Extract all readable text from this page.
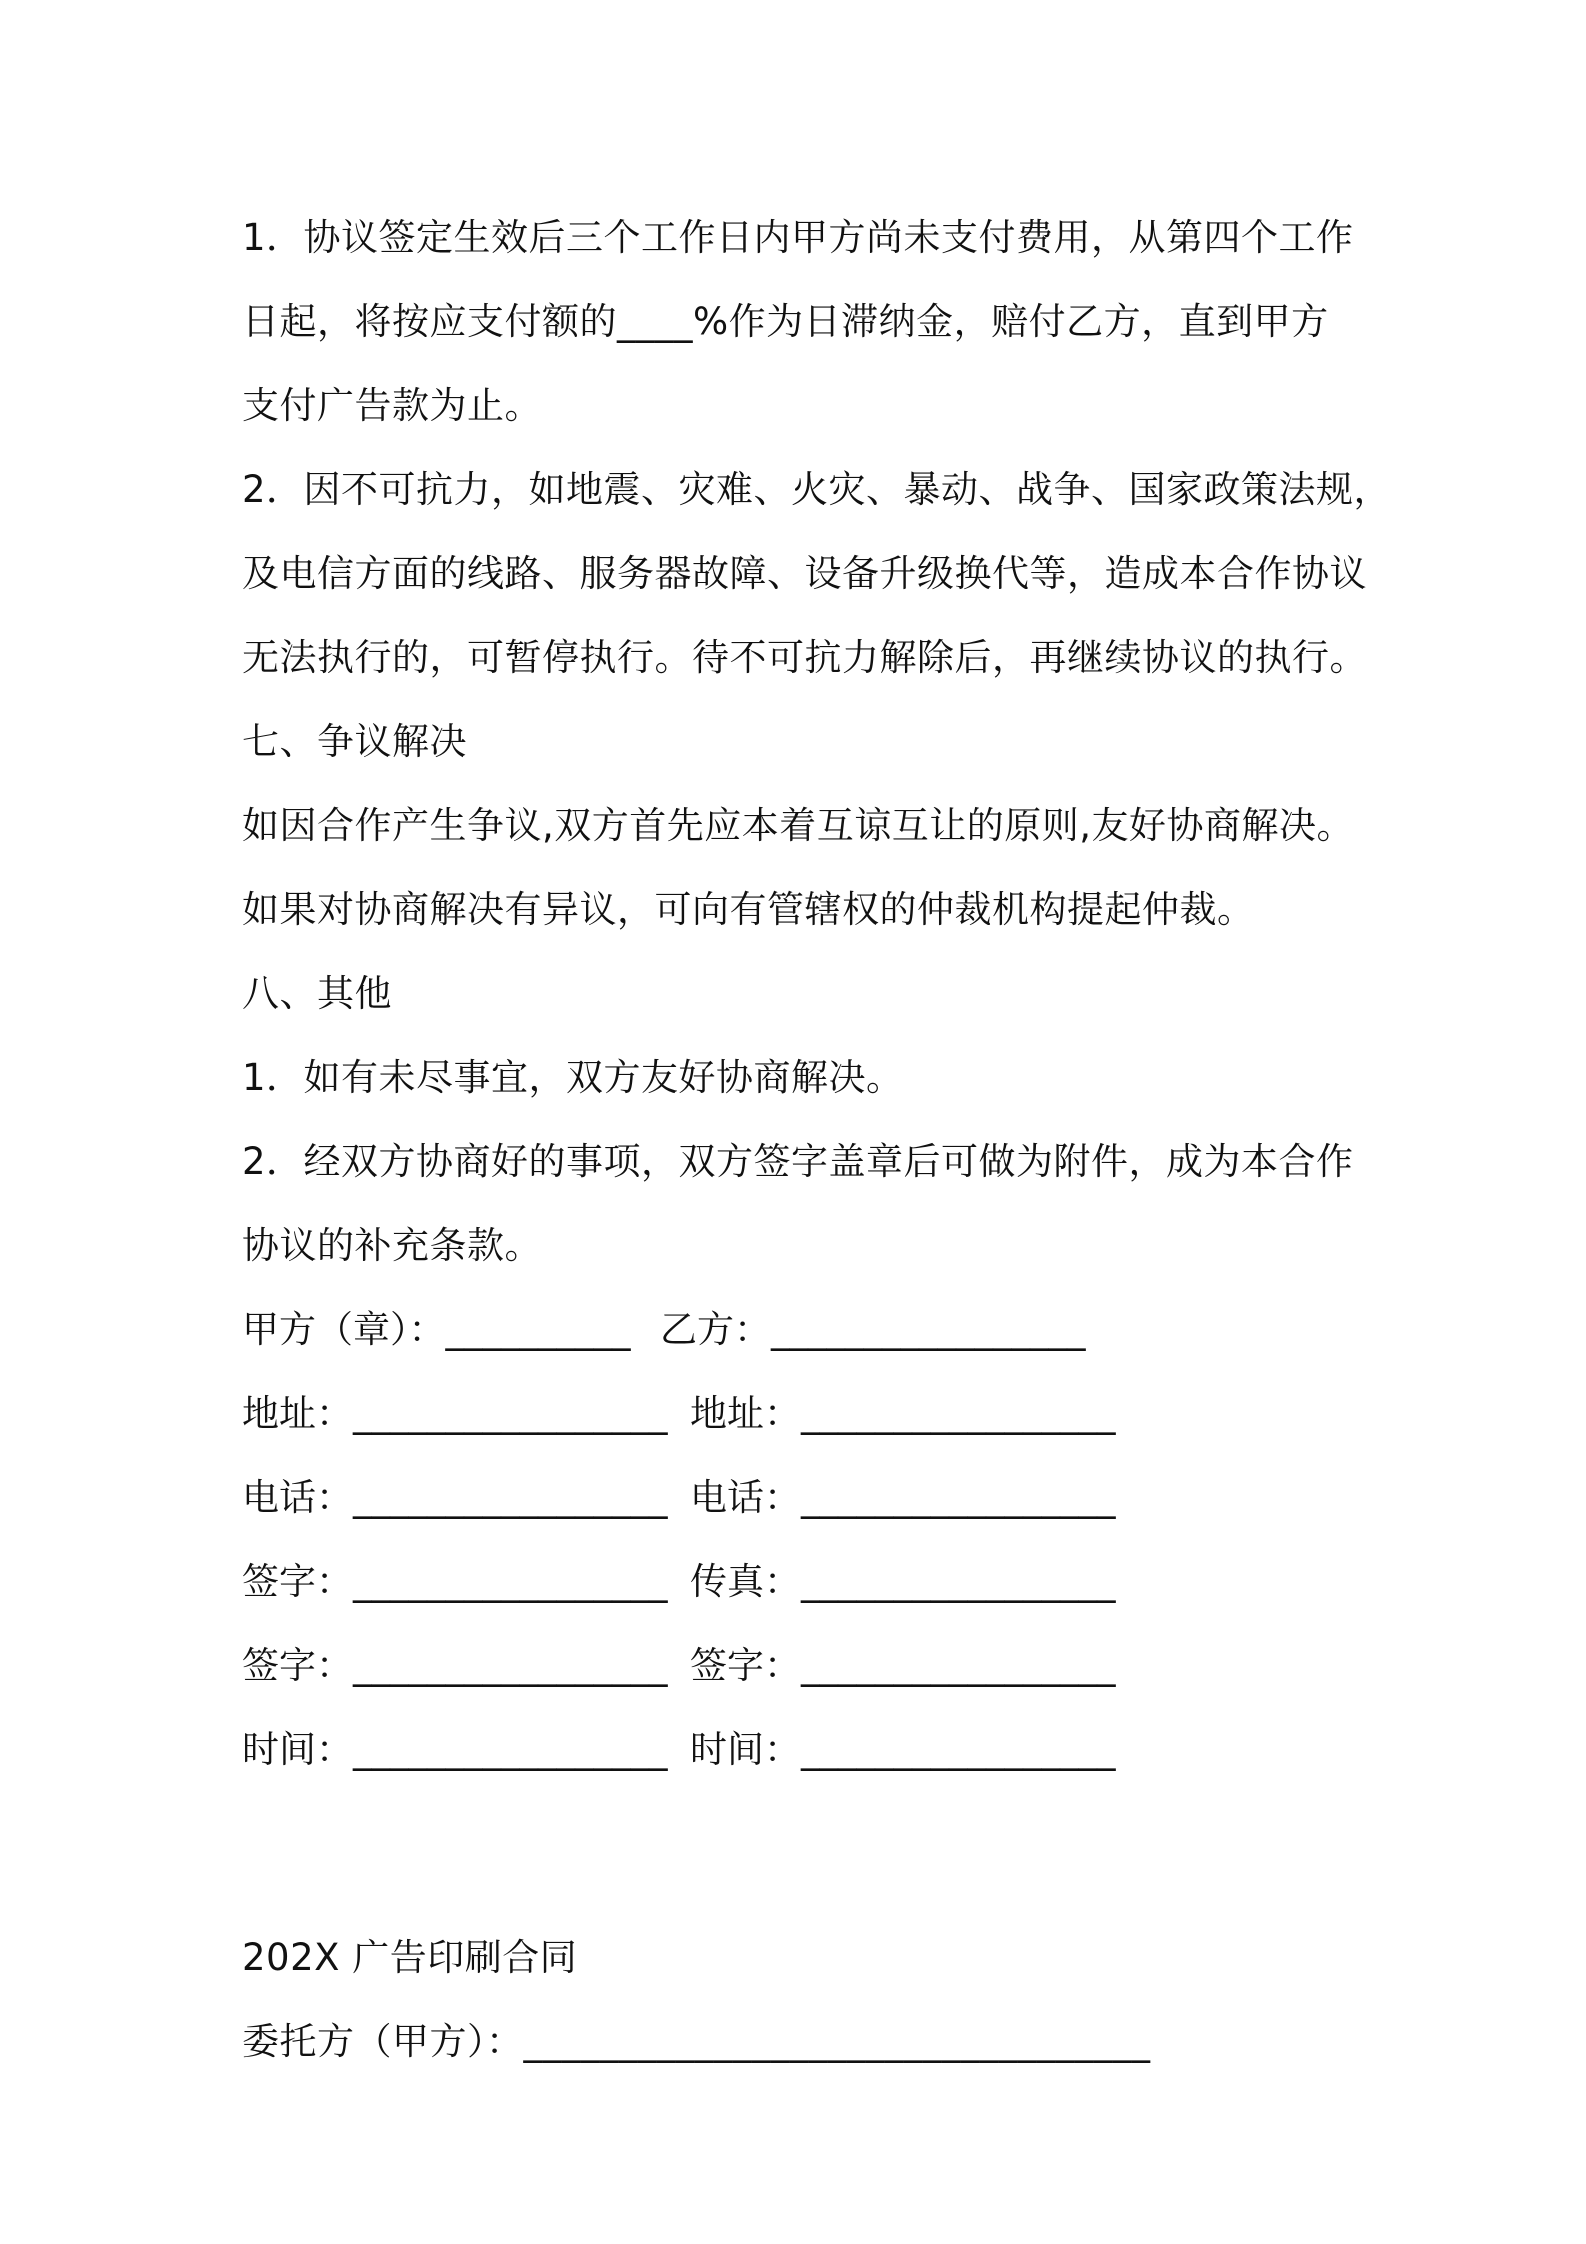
1．协议签定生效后三个工作日内甲方尚未支付费用，从第四个工作
日起，将按应支付额的____%作为日滞纳金，赔付乙方，直到甲方
支付广告款为止。
2．因不可抗力，如地震、灾难、火灾、暴动、战争、国家政策法规，
及电信方面的线路、服务器故障、设备升级换代等，造成本合作协议
无法执行的，可暂停执行。待不可抗力解除后，再继续协议的执行。
七、争议解决
如因合作产生争议,双方首先应本着互谅互让的原则,友好协商解决。
如果对协商解决有异议，可向有管辖权的仲裁机构提起仲裁。
八、其他
1．如有未尽事宜，双方友好协商解决。
2．经双方协商好的事项，双方签字盖章后可做为附件，成为本合作
协议的补充条款。
甲方（章）：__________ 乙方：_________________
地址：_________________ 地址：_________________
电话：_________________ 电话：_________________
签字：_________________ 传真：_________________
签字：_________________ 签字：_________________
时间：_________________ 时间：_________________
202X 广告印刷合同
委托方（甲方）：_________________________________
